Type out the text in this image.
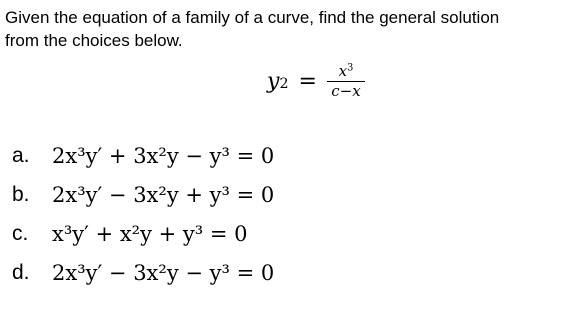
Given the equation of a family of a curve, find the general solution
from the choices below.
y $2 = \frac{x^3}{c-x}$
a.	2x³y′ + 3x²y − y³ = 0
b.	2x³y′ − 3x²y + y³ = 0
c.	x³y′ + x²y + y³ = 0
d.	2x³y′ − 3x²y − y³ = 0
